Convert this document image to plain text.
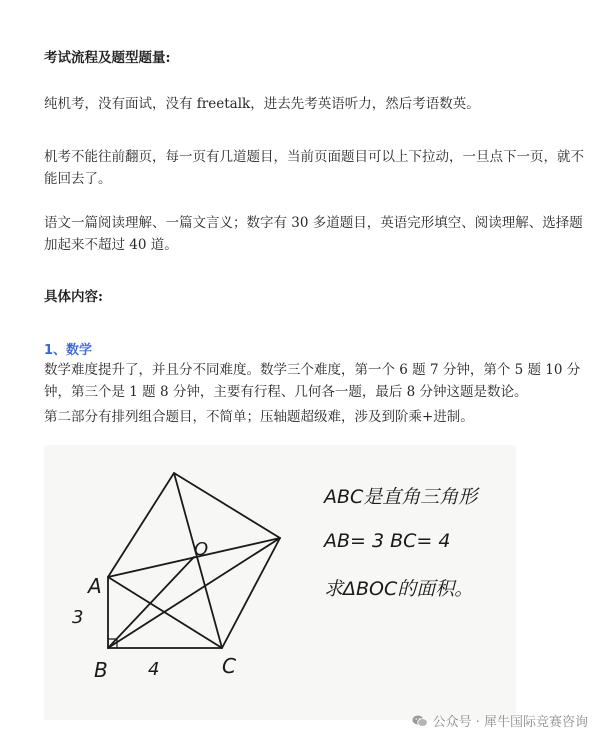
考试流程及题型题量:
纯机考，没有面试，没有 freetalk，进去先考英语听力，然后考语数英。
机考不能往前翻页，每一页有几道题目，当前页面题目可以上下拉动，一旦点下一页，就不能回去了。
语文一篇阅读理解、一篇文言义；数字有 30 多道题目，英语完形填空、阅读理解、选择题加起来不超过 40 道。
具体内容:
1、数学
数学难度提升了，并且分不同难度。数学三个难度，第一个 6 题 7 分钟，第个 5 题 10 分钟，第三个是 1 题 8 分钟，主要有行程、几何各一题，最后 8 分钟这题是数论。
第二部分有排列组合题目，不简单；压轴题超级难，涉及到阶乘+进制。
A
B	C
O
3
4
ABC是直角三角形
AB= 3 BC= 4
求ΔBOC的面积。
公众号 · 犀牛国际竞赛咨询
